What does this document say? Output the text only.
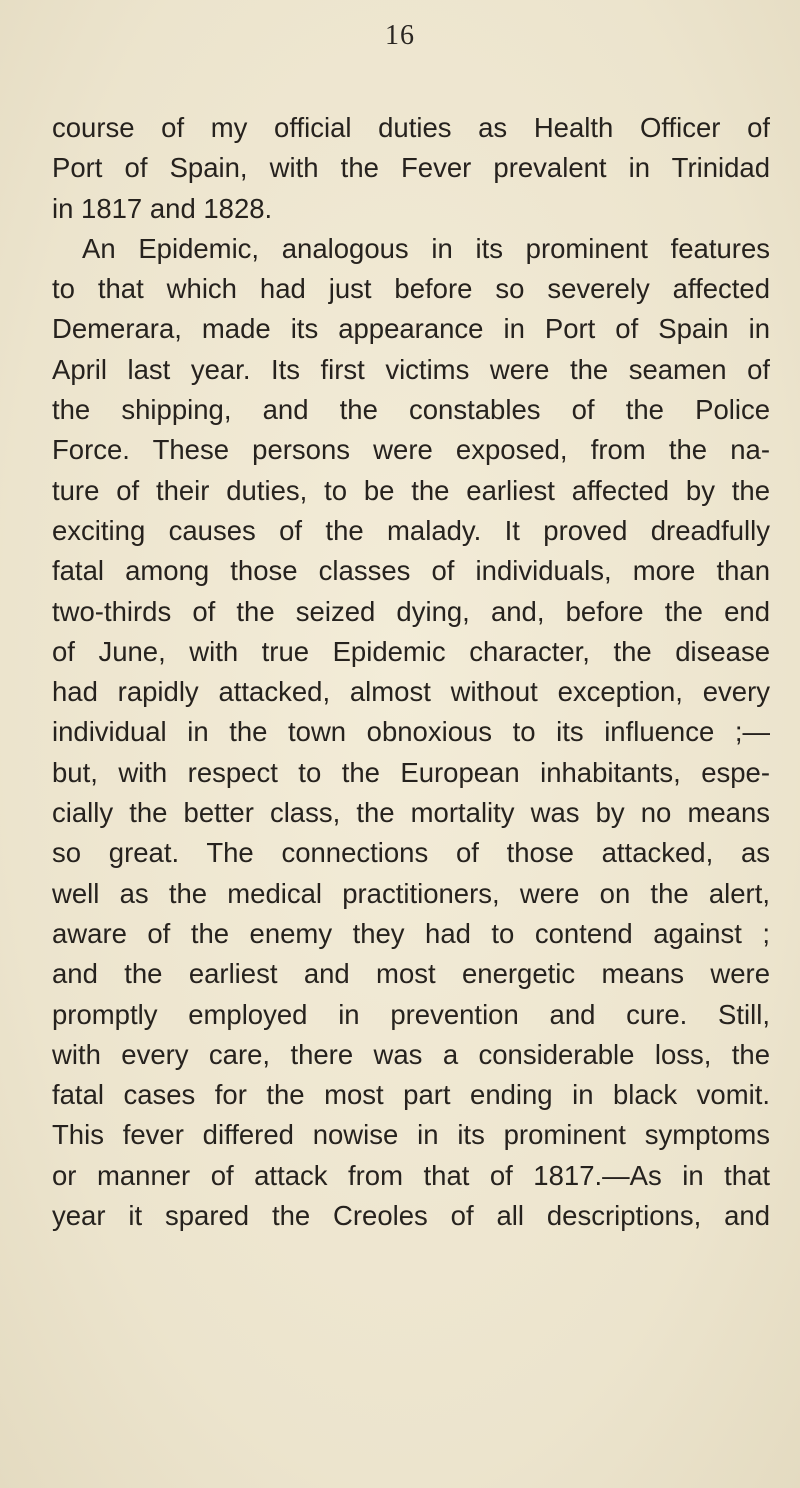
16
course of my official duties as Health Officer of
Port of Spain, with the Fever prevalent in Trinidad
in 1817 and 1828.
An Epidemic, analogous in its prominent features
to that which had just before so severely affected
Demerara, made its appearance in Port of Spain in
April last year. Its first victims were the seamen of
the shipping, and the constables of the Police
Force. These persons were exposed, from the na-
ture of their duties, to be the earliest affected by the
exciting causes of the malady. It proved dreadfully
fatal among those classes of individuals, more than
two-thirds of the seized dying, and, before the end
of June, with true Epidemic character, the disease
had rapidly attacked, almost without exception, every
individual in the town obnoxious to its influence ;—
but, with respect to the European inhabitants, espe-
cially the better class, the mortality was by no means
so great. The connections of those attacked, as
well as the medical practitioners, were on the alert,
aware of the enemy they had to contend against ;
and the earliest and most energetic means were
promptly employed in prevention and cure. Still,
with every care, there was a considerable loss, the
fatal cases for the most part ending in black vomit.
This fever differed nowise in its prominent symptoms
or manner of attack from that of 1817.—As in that
year it spared the Creoles of all descriptions, and
